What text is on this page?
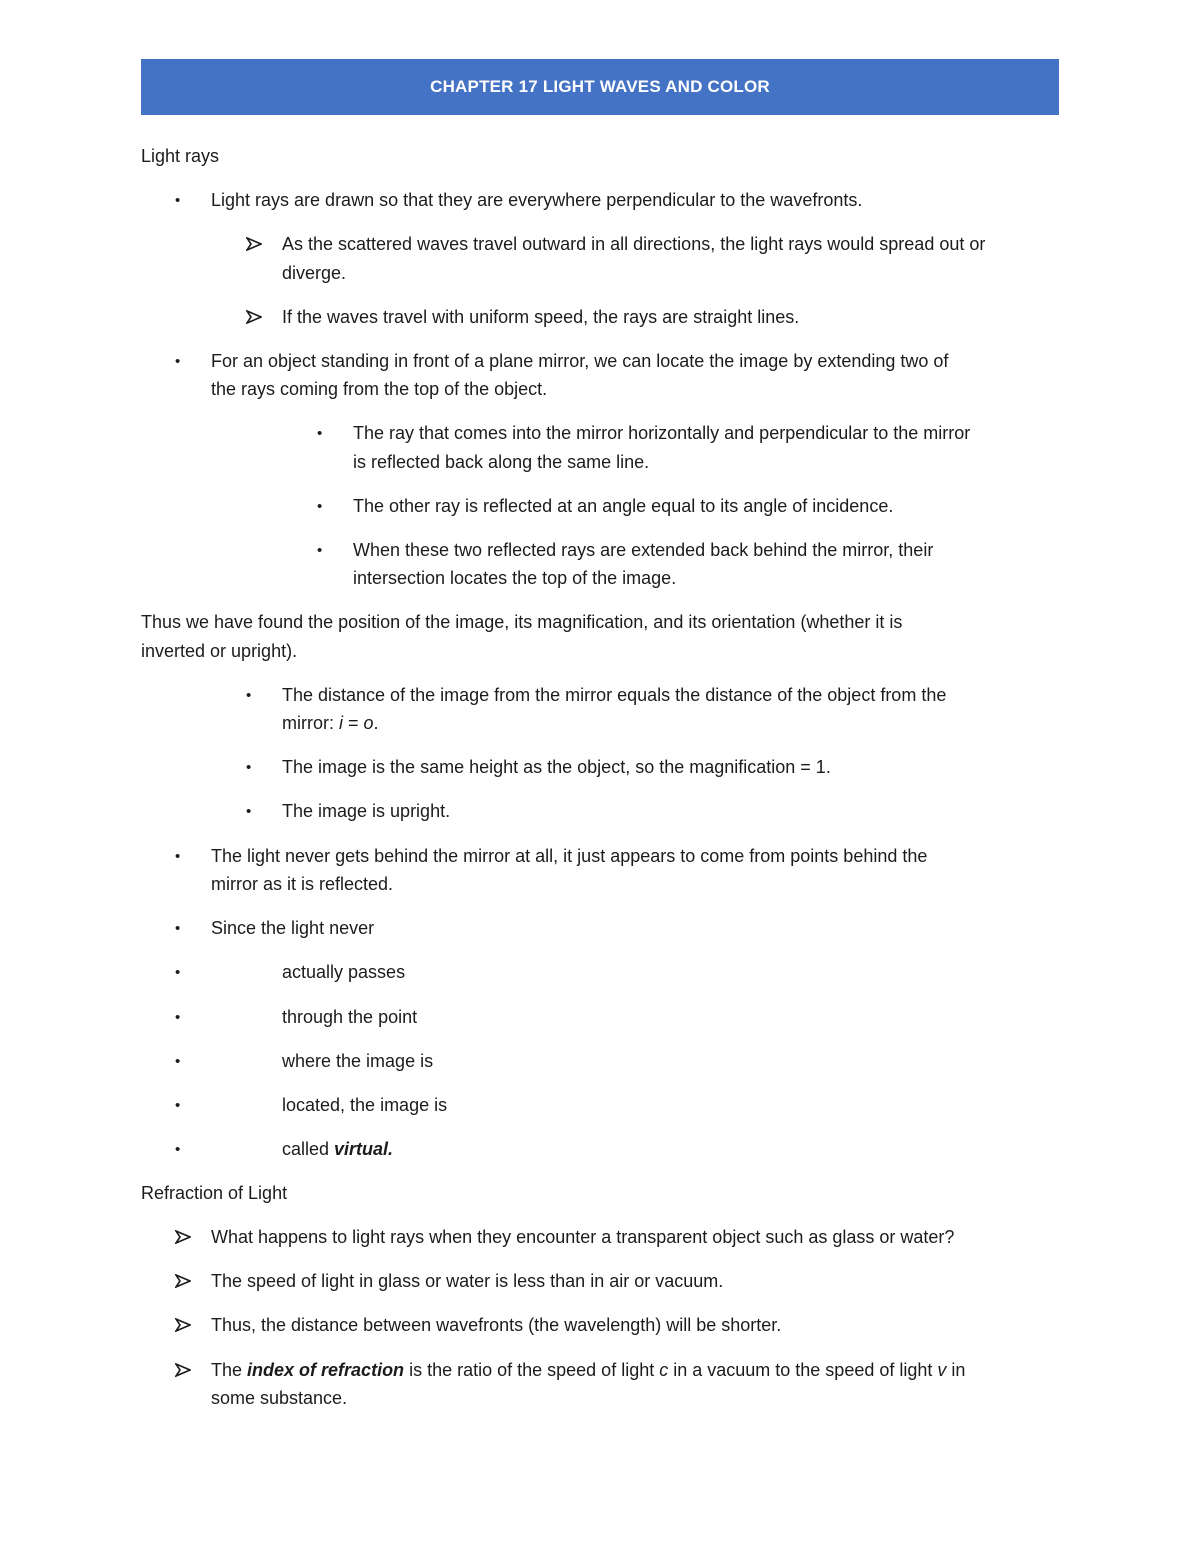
CHAPTER 17 LIGHT WAVES AND COLOR
Light rays
• Light rays are drawn so that they are everywhere perpendicular to the wavefronts.
As the scattered waves travel outward in all directions, the light rays would spread out or
diverge.
If the waves travel with uniform speed, the rays are straight lines.
• For an object standing in front of a plane mirror, we can locate the image by extending two of
the rays coming from the top of the object.
• The ray that comes into the mirror horizontally and perpendicular to the mirror
is reflected back along the same line.
• The other ray is reflected at an angle equal to its angle of incidence.
• When these two reflected rays are extended back behind the mirror, their
intersection locates the top of the image.
Thus we have found the position of the image, its magnification, and its orientation (whether it is
inverted or upright).
• The distance of the image from the mirror equals the distance of the object from the
mirror: i = o.
• The image is the same height as the object, so the magnification = 1.
• The image is upright.
• The light never gets behind the mirror at all, it just appears to come from points behind the
mirror as it is reflected.
• Since the light never
•	actually passes
•	through the point
•	where the image is
•	located, the image is
•	called virtual.
Refraction of Light
What happens to light rays when they encounter a transparent object such as glass or water?
The speed of light in glass or water is less than in air or vacuum.
Thus, the distance between wavefronts (the wavelength) will be shorter.
The index of refraction is the ratio of the speed of light c in a vacuum to the speed of light v in
some substance.
